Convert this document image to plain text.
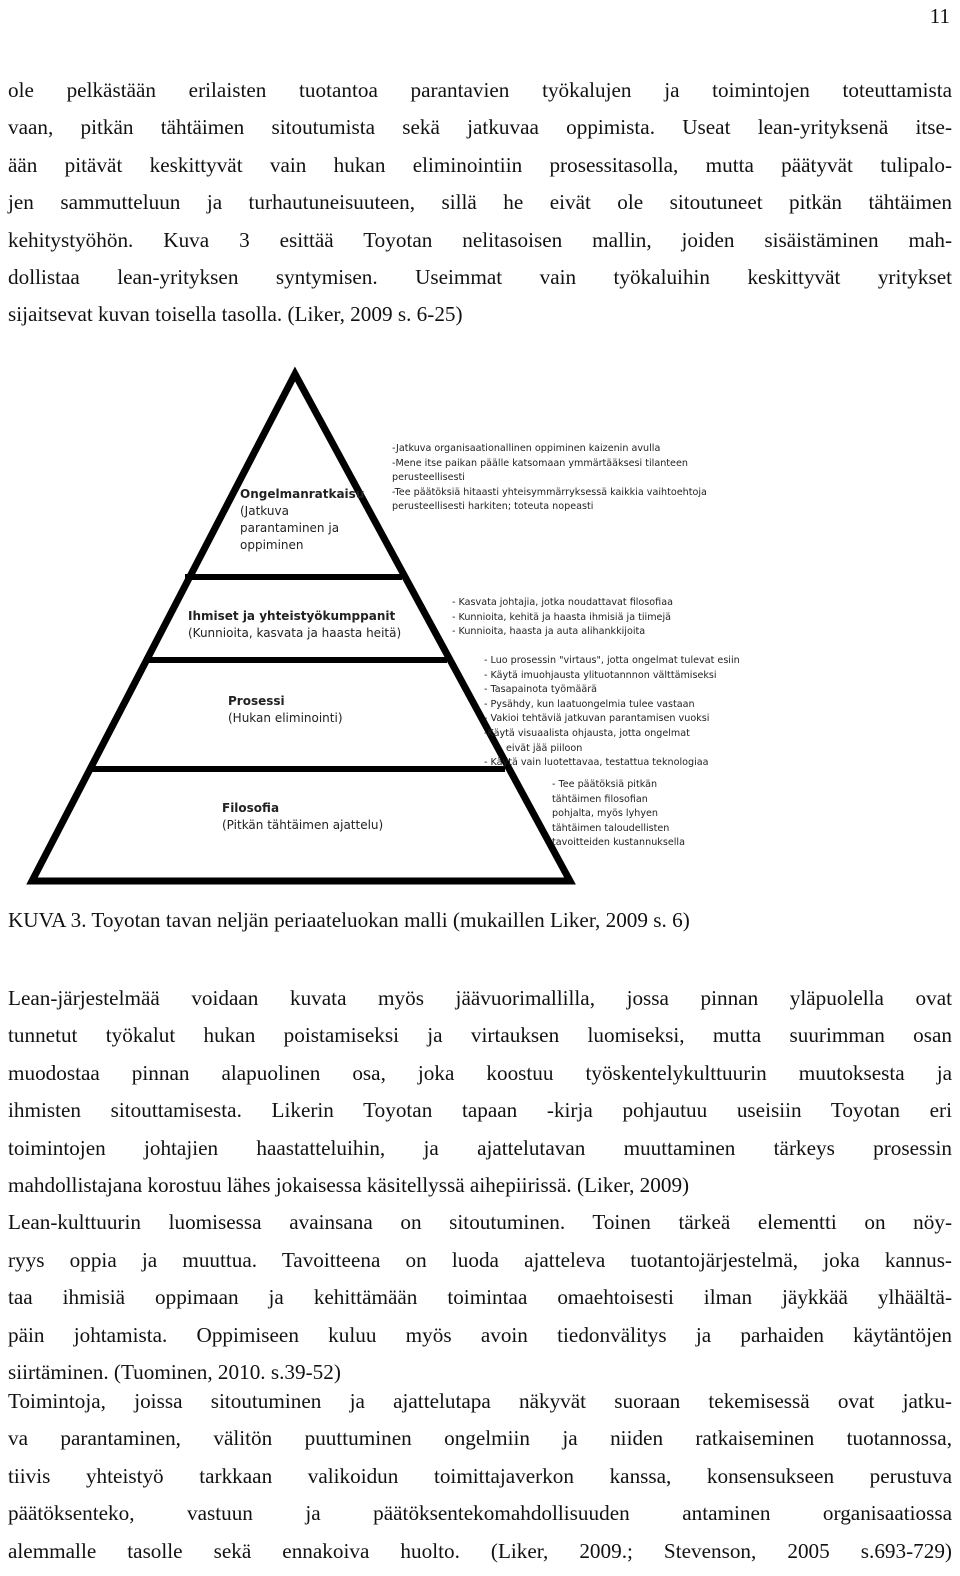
11
ole pelkästään erilaisten tuotantoa parantavien työkalujen ja toimintojen toteuttamista
vaan, pitkän tähtäimen sitoutumista sekä jatkuvaa oppimista. Useat lean-yrityksenä itse-
ään pitävät keskittyvät vain hukan eliminointiin prosessitasolla, mutta päätyvät tulipalo-
jen sammutteluun ja turhautuneisuuteen, sillä he eivät ole sitoutuneet pitkän tähtäimen
kehitystyöhön. Kuva 3 esittää Toyotan nelitasoisen mallin, joiden sisäistäminen mah-
dollistaa lean-yrityksen syntymisen. Useimmat vain työkaluihin keskittyvät yritykset
sijaitsevat kuvan toisella tasolla. (Liker, 2009 s. 6-25)
Ongelmanratkaisu
(Jatkuva
parantaminen ja
oppiminen
Ihmiset ja yhteistyökumppanit
(Kunnioita, kasvata ja haasta heitä)
Prosessi
(Hukan eliminointi)
Filosofia
(Pitkän tähtäimen ajattelu)
-Jatkuva organisaationallinen oppiminen kaizenin avulla
-Mene itse paikan päälle katsomaan ymmärtääksesi tilanteen
perusteellisesti
-Tee päätöksiä hitaasti yhteisymmärryksessä kaikkia vaihtoehtoja
perusteellisesti harkiten; toteuta nopeasti
- Kasvata johtajia, jotka noudattavat filosofiaa
- Kunnioita, kehitä ja haasta ihmisiä ja tiimejä
- Kunnioita, haasta ja auta alihankkijoita
- Luo prosessin "virtaus", jotta ongelmat tulevat esiin
- Käytä imuohjausta ylituotannnon välttämiseksi
- Tasapainota työmäärä
- Pysähdy, kun laatuongelmia tulee vastaan
- Vakioi tehtäviä jatkuvan parantamisen vuoksi
-Käytä visuaalista ohjausta, jotta ongelmat
eivät jää piiloon
- Käytä vain luotettavaa, testattua teknologiaa
- Tee päätöksiä pitkän
tähtäimen filosofian
pohjalta, myös lyhyen
tähtäimen taloudellisten
tavoitteiden kustannuksella
KUVA 3. Toyotan tavan neljän periaateluokan malli (mukaillen Liker, 2009 s. 6)
Lean-järjestelmää voidaan kuvata myös jäävuorimallilla, jossa pinnan yläpuolella ovat
tunnetut työkalut hukan poistamiseksi ja virtauksen luomiseksi, mutta suurimman osan
muodostaa pinnan alapuolinen osa, joka koostuu työskentelykulttuurin muutoksesta ja
ihmisten sitouttamisesta. Likerin Toyotan tapaan -kirja pohjautuu useisiin Toyotan eri
toimintojen johtajien haastatteluihin, ja ajattelutavan muuttaminen tärkeys prosessin
mahdollistajana korostuu lähes jokaisessa käsitellyssä aihepiirissä. (Liker, 2009)
Lean-kulttuurin luomisessa avainsana on sitoutuminen. Toinen tärkeä elementti on nöy-
ryys oppia ja muuttua. Tavoitteena on luoda ajatteleva tuotantojärjestelmä, joka kannus-
taa ihmisiä oppimaan ja kehittämään toimintaa omaehtoisesti ilman jäykkää ylhäältä-
päin johtamista. Oppimiseen kuluu myös avoin tiedonvälitys ja parhaiden käytäntöjen
siirtäminen. (Tuominen, 2010. s.39-52)
Toimintoja, joissa sitoutuminen ja ajattelutapa näkyvät suoraan tekemisessä ovat jatku-
va parantaminen, välitön puuttuminen ongelmiin ja niiden ratkaiseminen tuotannossa,
tiivis yhteistyö tarkkaan valikoidun toimittajaverkon kanssa, konsensukseen perustuva
päätöksenteko, vastuun ja päätöksentekomahdollisuuden antaminen organisaatiossa
alemmalle tasolle sekä ennakoiva huolto. (Liker, 2009.; Stevenson, 2005 s.693-729)
